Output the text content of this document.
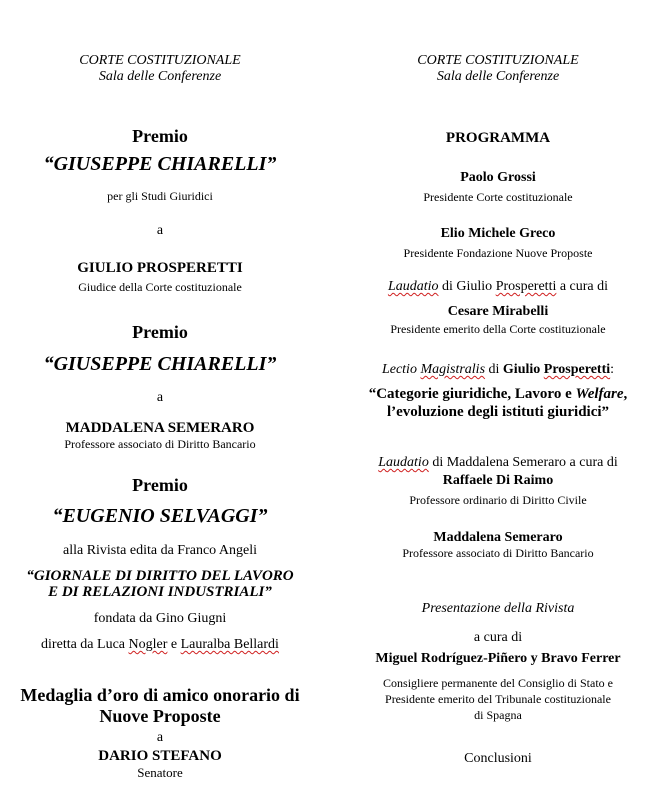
CORTE COSTITUZIONALE
Sala delle Conferenze
Premio
“GIUSEPPE CHIARELLI”
per gli Studi Giuridici
a
GIULIO PROSPERETTI
Giudice della Corte costituzionale
Premio
“GIUSEPPE CHIARELLI”
a
MADDALENA SEMERARO
Professore associato di Diritto Bancario
Premio
“EUGENIO SELVAGGI”
alla Rivista edita da Franco Angeli
“GIORNALE DI DIRITTO DEL LAVORO
E DI RELAZIONI INDUSTRIALI”
fondata da Gino Giugni
diretta da Luca Nogler e Lauralba Bellardi
Medaglia d’oro di amico onorario di
Nuove Proposte
a
DARIO STEFANO
Senatore
CORTE COSTITUZIONALE
Sala delle Conferenze
PROGRAMMA
Paolo Grossi
Presidente Corte costituzionale
Elio Michele Greco
Presidente Fondazione Nuove Proposte
Laudatio di Giulio Prosperetti a cura di
Cesare Mirabelli
Presidente emerito della Corte costituzionale
Lectio Magistralis di Giulio Prosperetti:
“Categorie giuridiche, Lavoro e Welfare,
l’evoluzione degli istituti giuridici”
Laudatio di Maddalena Semeraro a cura di
Raffaele Di Raimo
Professore ordinario di Diritto Civile
Maddalena Semeraro
Professore associato di Diritto Bancario
Presentazione della Rivista
a cura di
Miguel Rodríguez-Piñero y Bravo Ferrer
Consigliere permanente del Consiglio di Stato e
Presidente emerito del Tribunale costituzionale
di Spagna
Conclusioni
